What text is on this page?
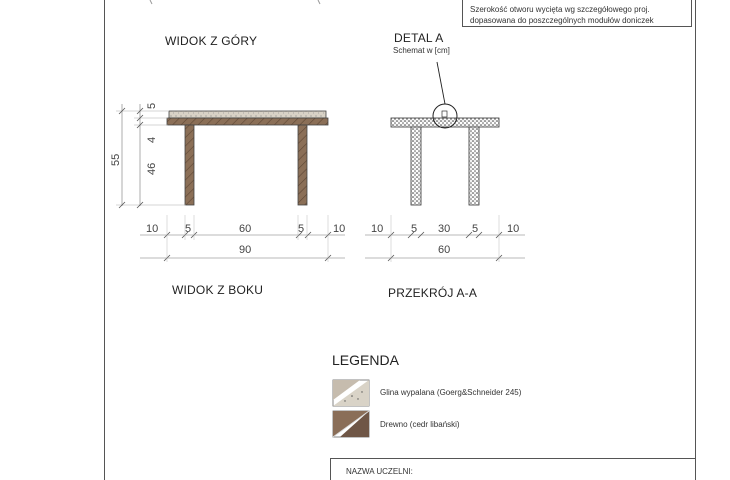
Szerokość otworu wycięta wg szczegółowego proj.
dopasowana do poszczególnych modułów doniczek
WIDOK Z GÓRY	DETAL A
Schemat w [cm]
WIDOK Z BOKU	PRZEKRÓJ A-A
5
4
46
55
10 5	60	5	10
90
10	5 30 5	10
60
LEGENDA
Glina wypalana (Goerg&Schneider 245)
Drewno (cedr libański)
NAZWA UCZELNI:
